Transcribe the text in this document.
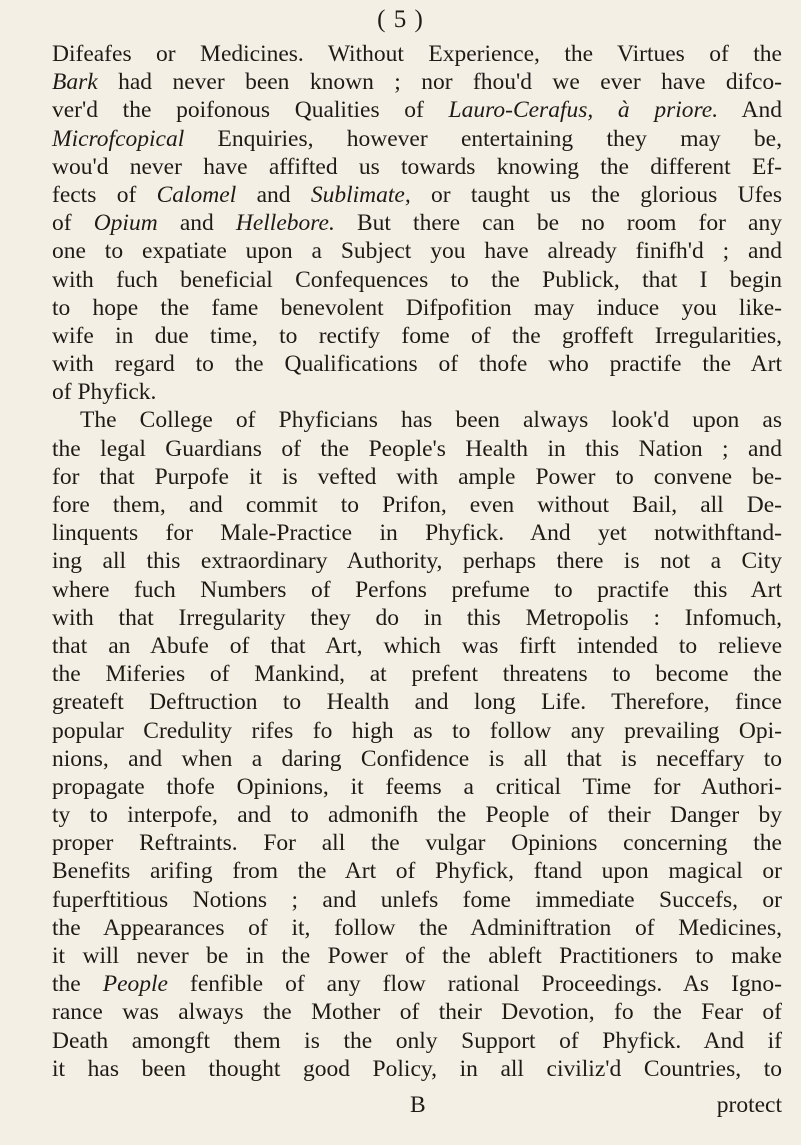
( 5 )
Difeafes or Medicines. Without Experience, the Virtues of the
Bark had never been known ; nor fhou'd we ever have difco-
ver'd the poifonous Qualities of Lauro-Cerafus, à priore. And
Microfcopical Enquiries, however entertaining they may be,
wou'd never have affifted us towards knowing the different Ef-
fects of Calomel and Sublimate, or taught us the glorious Ufes
of Opium and Hellebore. But there can be no room for any
one to expatiate upon a Subject you have already finifh'd ; and
with fuch beneficial Confequences to the Publick, that I begin
to hope the fame benevolent Difpofition may induce you like-
wife in due time, to rectify fome of the groffeft Irregularities,
with regard to the Qualifications of thofe who practife the Art
of Phyfick.
The College of Phyficians has been always look'd upon as
the legal Guardians of the People's Health in this Nation ; and
for that Purpofe it is vefted with ample Power to convene be-
fore them, and commit to Prifon, even without Bail, all De-
linquents for Male-Practice in Phyfick. And yet notwithftand-
ing all this extraordinary Authority, perhaps there is not a City
where fuch Numbers of Perfons prefume to practife this Art
with that Irregularity they do in this Metropolis : Infomuch,
that an Abufe of that Art, which was firft intended to relieve
the Miferies of Mankind, at prefent threatens to become the
greateft Deftruction to Health and long Life. Therefore, fince
popular Credulity rifes fo high as to follow any prevailing Opi-
nions, and when a daring Confidence is all that is neceffary to
propagate thofe Opinions, it feems a critical Time for Authori-
ty to interpofe, and to admonifh the People of their Danger by
proper Reftraints. For all the vulgar Opinions concerning the
Benefits arifing from the Art of Phyfick, ftand upon magical or
fuperftitious Notions ; and unlefs fome immediate Succefs, or
the Appearances of it, follow the Adminiftration of Medicines,
it will never be in the Power of the ableft Practitioners to make
the People fenfible of any flow rational Proceedings. As Igno-
rance was always the Mother of their Devotion, fo the Fear of
Death amongft them is the only Support of Phyfick. And if
it has been thought good Policy, in all civiliz'd Countries, to
B	protect
